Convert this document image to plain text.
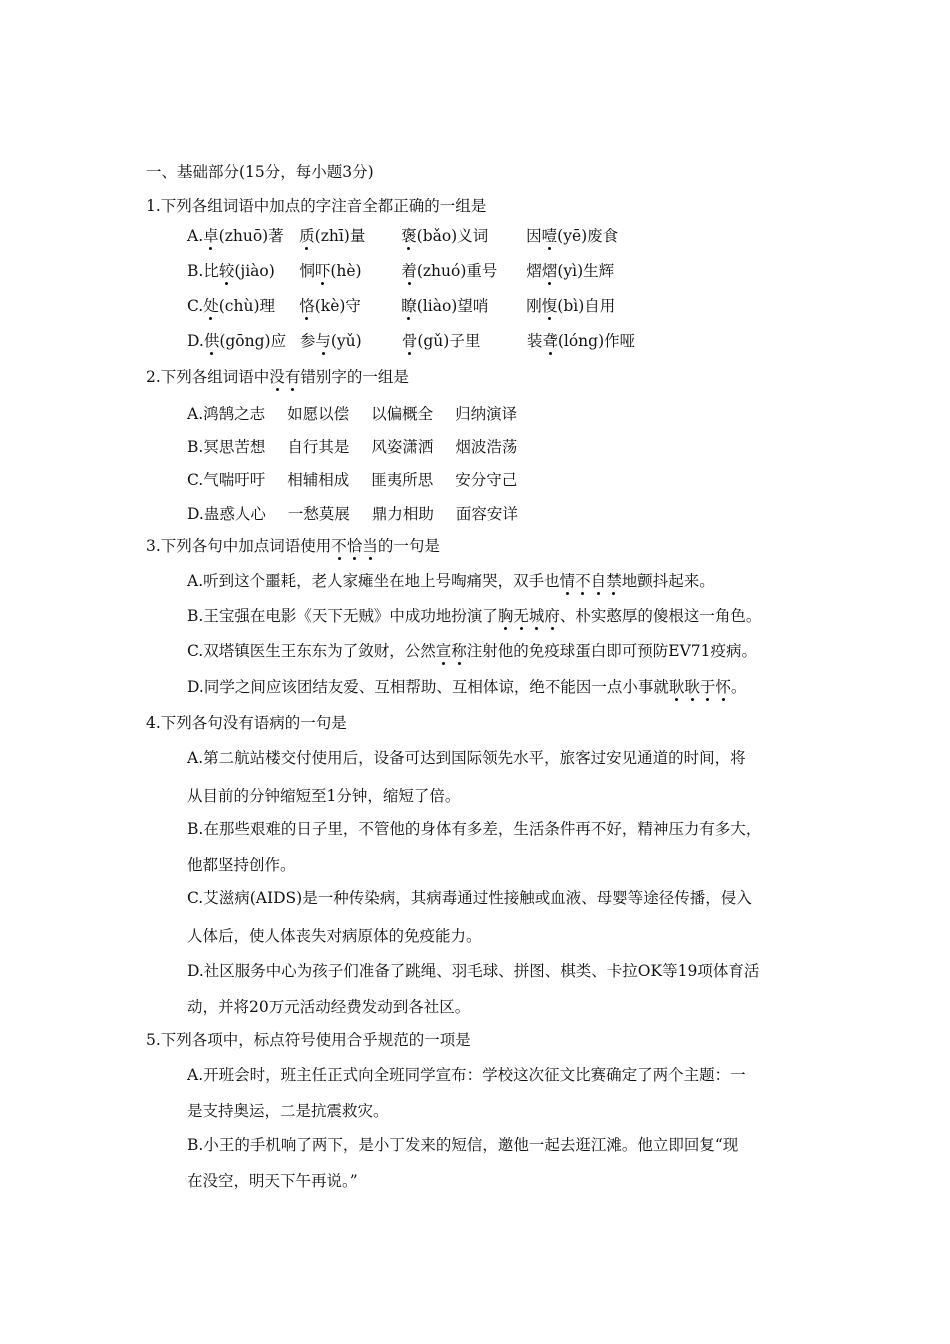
一、基础部分(15分，每小题3分)
1.下列各组词语中加点的字注音全都正确的一组是
A.卓(zhuō)著 质(zhī)量 褒(bǎo)义词 因噎(yē)废食
B.比较(jiào) 恫吓(hè)	着(zhuó)重号 熠熠(yì)生辉
C.处(chù)理 恪(kè)守	瞭(liào)望哨 刚愎(bì)自用
D.供(gōng)应 参与(yǔ)	骨(gǔ)子里	装聋(lóng)作哑
2.下列各组词语中没有错别字的一组是
A.鸿鹄之志 如愿以偿 以偏概全 归纳演译
B.冥思苦想 自行其是 风姿潇洒 烟波浩荡
C.气喘吁吁 相辅相成 匪夷所思 安分守己
D.蛊惑人心 一愁莫展 鼎力相助 面容安详
3.下列各句中加点词语使用不恰当的一句是
A.听到这个噩耗，老人家瘫坐在地上号啕痛哭，双手也情不自禁地颤抖起来。
B.王宝强在电影《天下无贼》中成功地扮演了胸无城府、朴实憨厚的傻根这一角色。
C.双塔镇医生王东东为了敛财，公然宣称注射他的免疫球蛋白即可预防EV71疫病。
D.同学之间应该团结友爱、互相帮助、互相体谅，绝不能因一点小事就耿耿于怀。
4.下列各句没有语病的一句是
A.第二航站楼交付使用后，设备可达到国际领先水平，旅客过安见通道的时间，将
从目前的分钟缩短至1分钟，缩短了倍。
B.在那些艰难的日子里，不管他的身体有多差，生活条件再不好，精神压力有多大，
他都坚持创作。
C.艾滋病(AIDS)是一种传染病，其病毒通过性接触或血液、母婴等途径传播，侵入
人体后，使人体丧失对病原体的免疫能力。
D.社区服务中心为孩子们准备了跳绳、羽毛球、拼图、棋类、卡拉OK等19项体育活
动，并将20万元活动经费发动到各社区。
5.下列各项中，标点符号使用合乎规范的一项是
A.开班会时，班主任正式向全班同学宣布：学校这次征文比赛确定了两个主题：一
是支持奥运，二是抗震救灾。
B.小王的手机响了两下，是小丁发来的短信，邀他一起去逛江滩。他立即回复“现
在没空，明天下午再说。”
